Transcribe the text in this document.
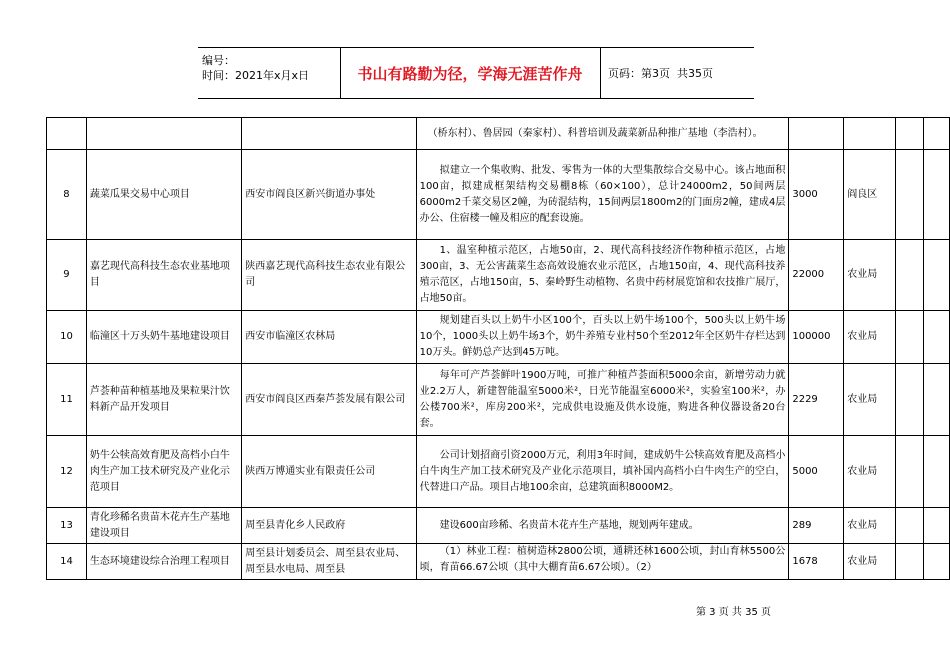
编号：
时间：2021年x月x日	书山有路勤为径，学海无涯苦作舟	页码：第3页  共35页

			（桥东村）、鲁居园（秦家村）、科普培训及蔬菜新品种推广基地（李浩村）。				

8	蔬菜瓜果交易中心项目	西安市阎良区新兴街道办事处	拟建立一个集收购、批发、零售为一体的大型集散综合交易中心。该占地面积100亩，拟建成框架结构交易棚8栋（60×100），总计24000m2，50间两层6000m2千菜交易区2幢，为砖混结构，15间两层1800m2的门面房2幢，建成4层办公、住宿楼一幢及相应的配套设施。	3000	阎良区		
9	嘉艺现代高科技生态农业基地项目	陕西嘉艺现代高科技生态农业有限公司	1、温室种植示范区，占地50亩，2、现代高科技经济作物种植示范区，占地300亩，3、无公害蔬菜生态高效设施农业示范区，占地150亩，4、现代高科技养殖示范区，占地150亩，5、秦岭野生动植物、名贵中药材展览馆和农技推广展厅，占地50亩。	22000	农业局		
10	临潼区十万头奶牛基地建设项目	西安市临潼区农林局	规划建百头以上奶牛小区100个，百头以上奶牛场100个，500头以上奶牛场10个，1000头以上奶牛场3个，奶牛养殖专业村50个至2012年全区奶牛存栏达到10万头。鲜奶总产达到45万吨。	100000	农业局		
11	芦荟种苗种植基地及果粒果汁饮料新产品开发项目	西安市阎良区西秦芦荟发展有限公司	每年可产芦荟鲜叶1900万吨，可推广种植芦荟面积5000余亩，新增劳动力就业2.2万人，新建智能温室5000米²，日光节能温室6000米²，实验室100米²，办公楼700米²，库房200米²，完成供电设施及供水设施，购进各种仪器设备20台套。	2229	农业局		
12	奶牛公犊高效育肥及高档小白牛肉生产加工技术研究及产业化示范项目	陕西万博通实业有限责任公司	公司计划招商引资2000万元，利用3年时间，建成奶牛公犊高效育肥及高档小白牛肉生产加工技术研究及产业化示范项目，填补国内高档小白牛肉生产的空白，代替进口产品。项目占地100余亩，总建筑面积8000M2。	5000	农业局		
13	青化珍稀名贵苗木花卉生产基地建设项目	周至县青化乡人民政府	建设600亩珍稀、名贵苗木花卉生产基地，规划两年建成。	289	农业局		
14	生态环境建设综合治理工程项目	周至县计划委员会、周至县农业局、周至县水电局、周至县	（1）林业工程：植树造林2800公顷，通耕还林1600公顷，封山育林5500公顷，育苗66.67公顷（其中大棚育苗6.67公顷）。（2）	1678	农业局		
第 3 页 共 35 页
